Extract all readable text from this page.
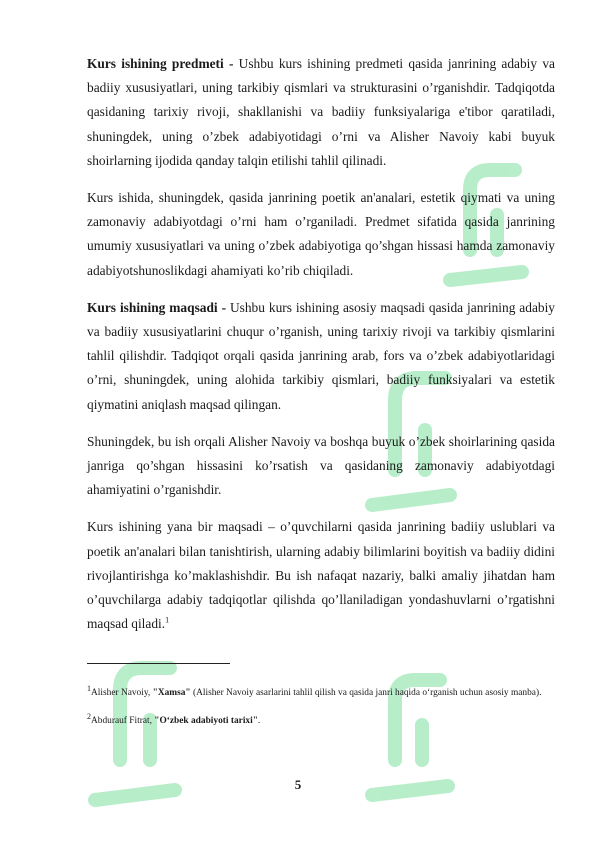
Kurs ishining predmeti - Ushbu kurs ishining predmeti qasida janrining adabiy va badiiy xususiyatlari, uning tarkibiy qismlari va strukturasini o’rganishdir. Tadqiqotda qasidaning tarixiy rivoji, shakllanishi va badiiy funksiyalariga e'tibor qaratiladi, shuningdek, uning o’zbek adabiyotidagi o’rni va Alisher Navoiy kabi buyuk shoirlarning ijodida qanday talqin etilishi tahlil qilinadi.

Kurs ishida, shuningdek, qasida janrining poetik an'analari, estetik qiymati va uning zamonaviy adabiyotdagi o’rni ham o’rganiladi. Predmet sifatida qasida janrining umumiy xususiyatlari va uning o’zbek adabiyotiga qo’shgan hissasi hamda zamonaviy adabiyotshunoslikdagi ahamiyati ko’rib chiqiladi.

Kurs ishining maqsadi - Ushbu kurs ishining asosiy maqsadi qasida janrining adabiy va badiiy xususiyatlarini chuqur o’rganish, uning tarixiy rivoji va tarkibiy qismlarini tahlil qilishdir. Tadqiqot orqali qasida janrining arab, fors va o’zbek adabiyotlaridagi o’rni, shuningdek, uning alohida tarkibiy qismlari, badiiy funksiyalari va estetik qiymatini aniqlash maqsad qilingan.

Shuningdek, bu ish orqali Alisher Navoiy va boshqa buyuk o’zbek shoirlarining qasida janriga qo’shgan hissasini ko’rsatish va qasidaning zamonaviy adabiyotdagi ahamiyatini o’rganishdir.

Kurs ishining yana bir maqsadi – o’quvchilarni qasida janrining badiiy uslublari va poetik an'analari bilan tanishtirish, ularning adabiy bilimlarini boyitish va badiiy didini rivojlantirishga ko’maklashishdir. Bu ish nafaqat nazariy, balki amaliy jihatdan ham o’quvchilarga adabiy tadqiqotlar qilishda qo’llaniladigan yondashuvlarni o’rgatishni maqsad qiladi.$^1$

$^1$Alisher Navoiy, "Xamsa" (Alisher Navoiy asarlarini tahlil qilish va qasida janri haqida o‘rganish uchun asosiy manba).

$^2$Abdurauf Fitrat, "O‘zbek adabiyoti tarixi".

5
